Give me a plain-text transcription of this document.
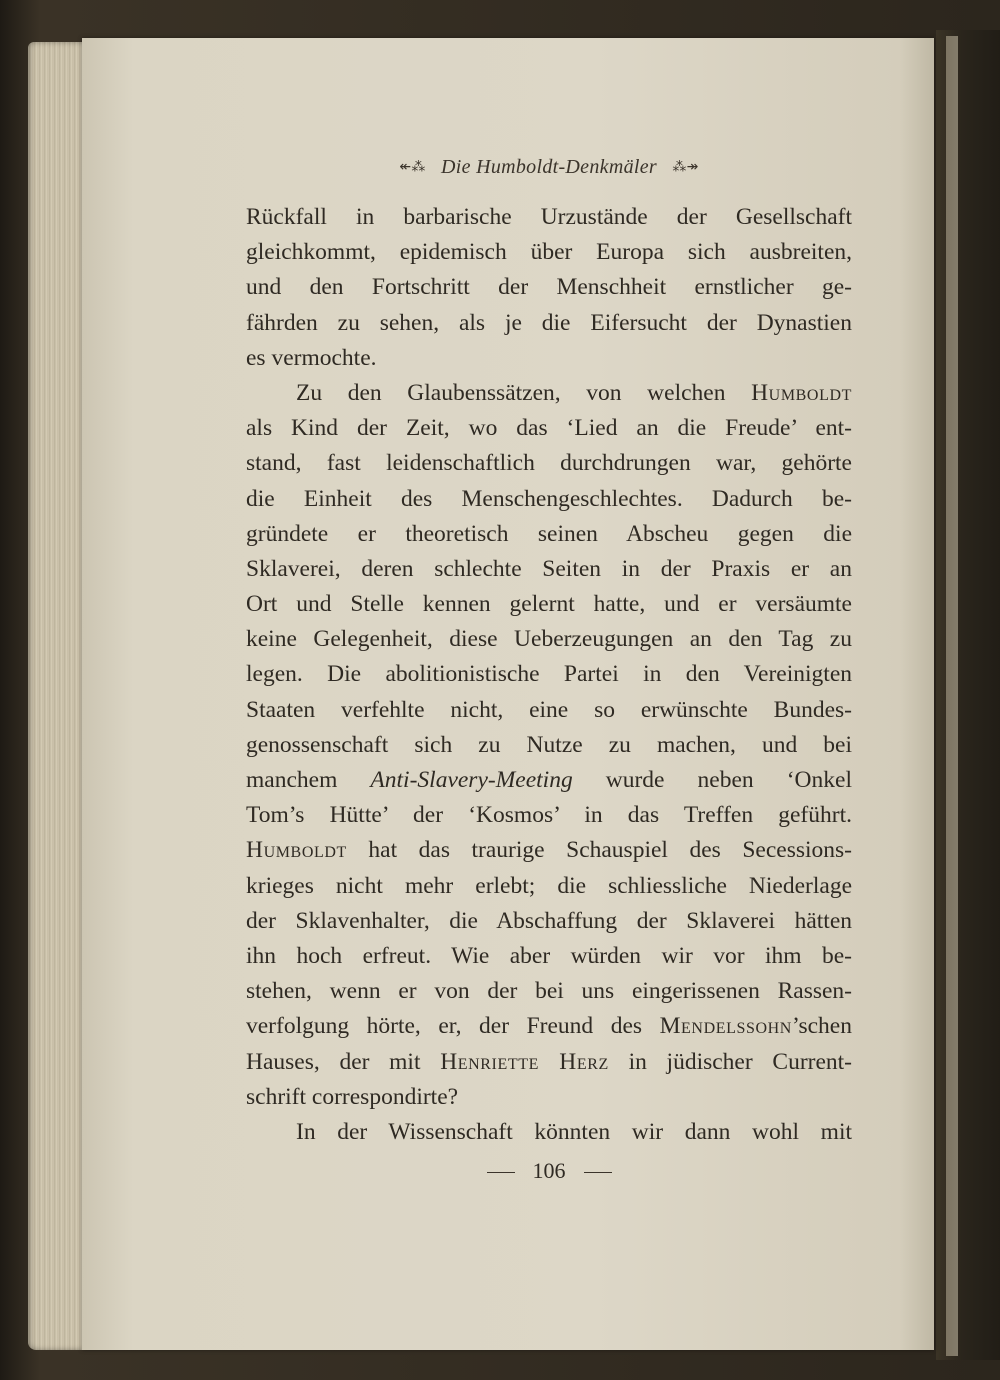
↞⁂ Die Humboldt-Denkmäler ⁂↠
Rückfall in barbarische Urzustände der Gesellschaft
gleichkommt, epidemisch über Europa sich ausbreiten,
und den Fortschritt der Menschheit ernstlicher ge-
fährden zu sehen, als je die Eifersucht der Dynastien
es vermochte.
Zu den Glaubenssätzen, von welchen Humboldt
als Kind der Zeit, wo das ‘Lied an die Freude’ ent-
stand, fast leidenschaftlich durchdrungen war, gehörte
die Einheit des Menschengeschlechtes. Dadurch be-
gründete er theoretisch seinen Abscheu gegen die
Sklaverei, deren schlechte Seiten in der Praxis er an
Ort und Stelle kennen gelernt hatte, und er versäumte
keine Gelegenheit, diese Ueberzeugungen an den Tag zu
legen. Die abolitionistische Partei in den Vereinigten
Staaten verfehlte nicht, eine so erwünschte Bundes-
genossenschaft sich zu Nutze zu machen, und bei
manchem Anti-Slavery-Meeting wurde neben ‘Onkel
Tom’s Hütte’ der ‘Kosmos’ in das Treffen geführt.
Humboldt hat das traurige Schauspiel des Secessions-
krieges nicht mehr erlebt; die schliessliche Niederlage
der Sklavenhalter, die Abschaffung der Sklaverei hätten
ihn hoch erfreut. Wie aber würden wir vor ihm be-
stehen, wenn er von der bei uns eingerissenen Rassen-
verfolgung hörte, er, der Freund des Mendelssohn’schen
Hauses, der mit Henriette Herz in jüdischer Current-
schrift correspondirte?
In der Wissenschaft könnten wir dann wohl mit
106
